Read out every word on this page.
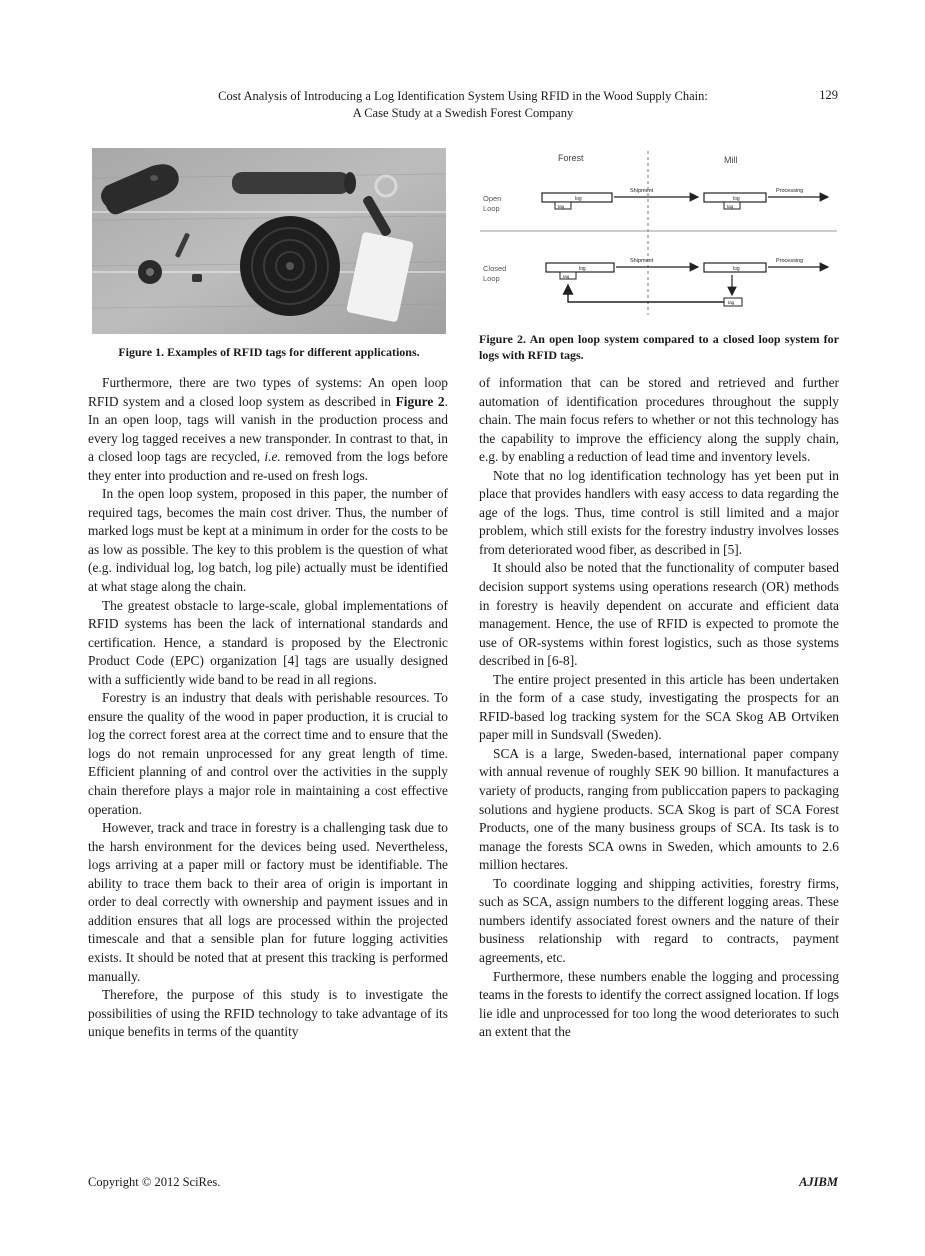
Cost Analysis of Introducing a Log Identification System Using RFID in the Wood Supply Chain:
A Case Study at a Swedish Forest Company
129
Figure 1. Examples of RFID tags for different applications.
Forest	Mill
Open
Loop
log
tag
Shipment
log
tag
Processing
Closed
Loop
log
tag
Shipment
log
Processing
tag
Figure 2. An open loop system compared to a closed loop system for logs with RFID tags.

Furthermore, there are two types of systems: An open loop RFID system and a closed loop system as described in Figure 2. In an open loop, tags will vanish in the production process and every log tagged receives a new transponder. In contrast to that, in a closed loop tags are recycled, i.e. removed from the logs before they enter into production and re-used on fresh logs.

In the open loop system, proposed in this paper, the number of required tags, becomes the main cost driver. Thus, the number of marked logs must be kept at a minimum in order for the costs to be as low as possible. The key to this problem is the question of what (e.g. individual log, log batch, log pile) actually must be identified at what stage along the chain.

The greatest obstacle to large-scale, global implementations of RFID systems has been the lack of international standards and certification. Hence, a standard is proposed by the Electronic Product Code (EPC) organization [4] tags are usually designed with a sufficiently wide band to be read in all regions.

Forestry is an industry that deals with perishable resources. To ensure the quality of the wood in paper production, it is crucial to log the correct forest area at the correct time and to ensure that the logs do not remain unprocessed for any great length of time. Efficient planning of and control over the activities in the supply chain therefore plays a major role in maintaining a cost effective operation.

However, track and trace in forestry is a challenging task due to the harsh environment for the devices being used. Nevertheless, logs arriving at a paper mill or factory must be identifiable. The ability to trace them back to their area of origin is important in order to deal correctly with ownership and payment issues and in addition ensures that all logs are processed within the projected timescale and that a sensible plan for future logging activities exists. It should be noted that at present this tracking is performed manually.

Therefore, the purpose of this study is to investigate the possibilities of using the RFID technology to take advantage of its unique benefits in terms of the quantity

of information that can be stored and retrieved and further automation of identification procedures throughout the supply chain. The main focus refers to whether or not this technology has the capability to improve the efficiency along the supply chain, e.g. by enabling a reduction of lead time and inventory levels.

Note that no log identification technology has yet been put in place that provides handlers with easy access to data regarding the age of the logs. Thus, time control is still limited and a major problem, which still exists for the forestry industry involves losses from deteriorated wood fiber, as described in [5].

It should also be noted that the functionality of computer based decision support systems using operations research (OR) methods in forestry is heavily dependent on accurate and efficient data management. Hence, the use of RFID is expected to promote the use of OR-systems within forest logistics, such as those systems described in [6-8].

The entire project presented in this article has been undertaken in the form of a case study, investigating the prospects for an RFID-based log tracking system for the SCA Skog AB Ortviken paper mill in Sundsvall (Sweden).

SCA is a large, Sweden-based, international paper company with annual revenue of roughly SEK 90 billion. It manufactures a variety of products, ranging from publiccation papers to packaging solutions and hygiene products. SCA Skog is part of SCA Forest Products, one of the many business groups of SCA. Its task is to manage the forests SCA owns in Sweden, which amounts to 2.6 million hectares.

To coordinate logging and shipping activities, forestry firms, such as SCA, assign numbers to the different logging areas. These numbers identify associated forest owners and the nature of their business relationship with regard to contracts, payment agreements, etc.

Furthermore, these numbers enable the logging and processing teams in the forests to identify the correct assigned location. If logs lie idle and unprocessed for too long the wood deteriorates to such an extent that the

Copyright © 2012 SciRes.	AJIBM
